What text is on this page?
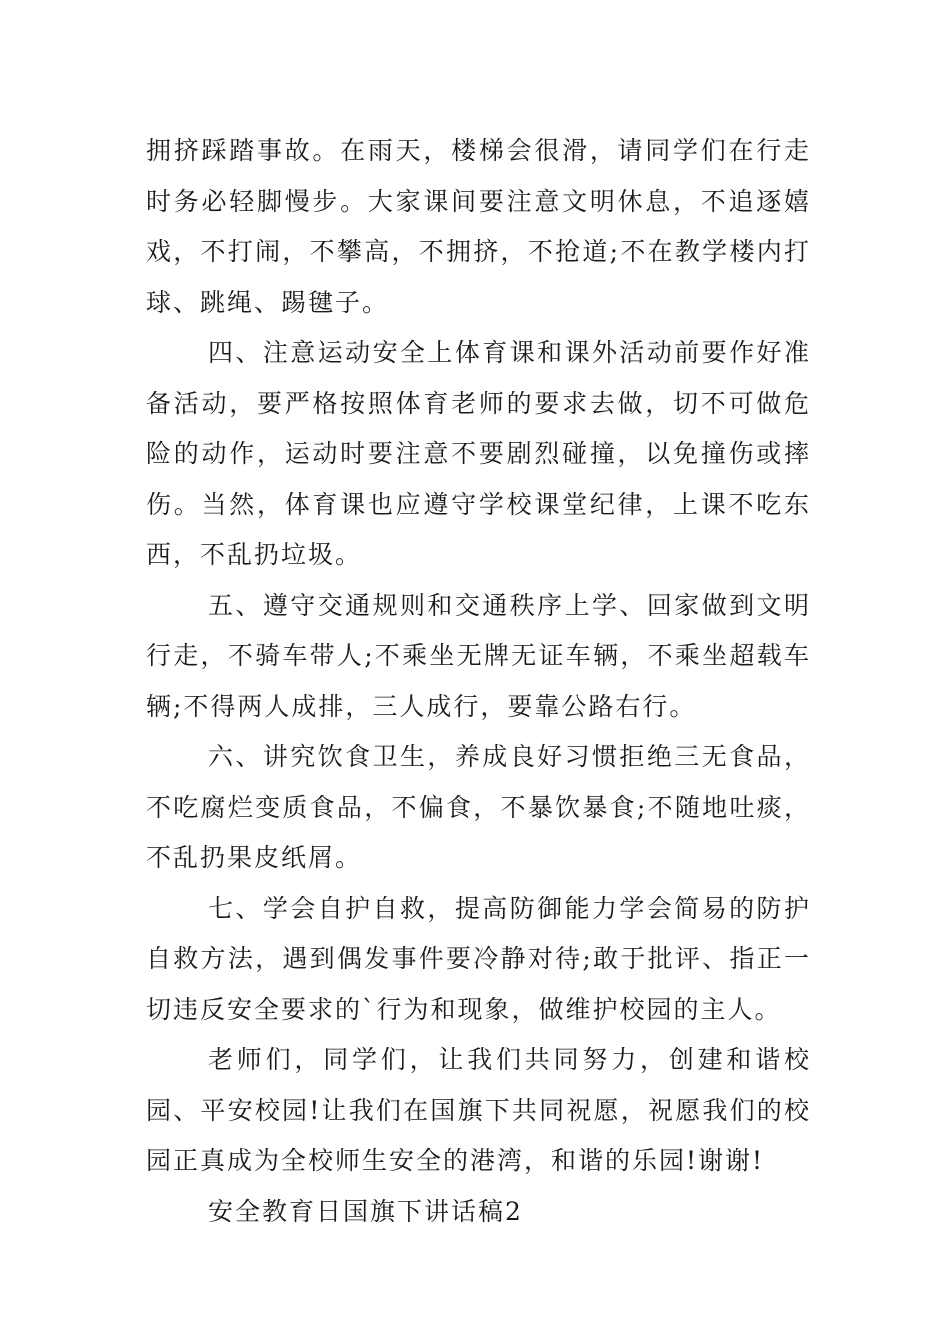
拥挤踩踏事故。在雨天，楼梯会很滑，请同学们在行走时务必轻脚慢步。大家课间要注意文明休息，不追逐嬉戏，不打闹，不攀高，不拥挤，不抢道;不在教学楼内打球、跳绳、踢毽子。

四、注意运动安全上体育课和课外活动前要作好准备活动，要严格按照体育老师的要求去做，切不可做危险的动作，运动时要注意不要剧烈碰撞，以免撞伤或摔伤。当然，体育课也应遵守学校课堂纪律，上课不吃东西，不乱扔垃圾。

五、遵守交通规则和交通秩序上学、回家做到文明行走，不骑车带人;不乘坐无牌无证车辆，不乘坐超载车辆;不得两人成排，三人成行，要靠公路右行。

六、讲究饮食卫生，养成良好习惯拒绝三无食品，不吃腐烂变质食品，不偏食，不暴饮暴食;不随地吐痰，不乱扔果皮纸屑。

七、学会自护自救，提高防御能力学会简易的防护自救方法，遇到偶发事件要冷静对待;敢于批评、指正一切违反安全要求的`行为和现象，做维护校园的主人。

老师们，同学们，让我们共同努力，创建和谐校园、平安校园!让我们在国旗下共同祝愿，祝愿我们的校园正真成为全校师生安全的港湾，和谐的乐园!谢谢!

安全教育日国旗下讲话稿2
